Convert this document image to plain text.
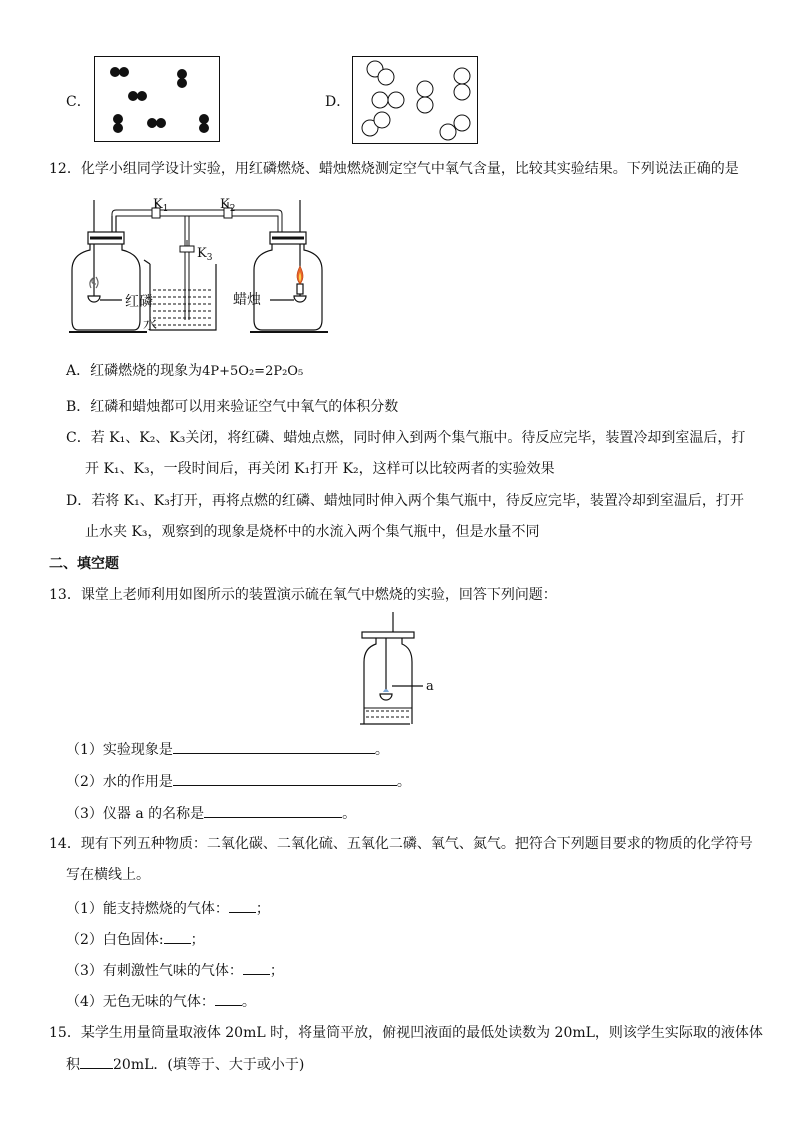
C．	D．
12．化学小组同学设计实验，用红磷燃烧、蜡烛燃烧测定空气中氧气含量，比较其实验结果。下列说法正确的是
$K_1$	$K_2$
$K_3$
红磷	蜡烛
水
A．红磷燃烧的现象为4P+5O₂=2P₂O₅
B．红磷和蜡烛都可以用来验证空气中氧气的体积分数
C．若 K₁、K₂、K₃关闭，将红磷、蜡烛点燃，同时伸入到两个集气瓶中。待反应完毕，装置冷却到室温后，打
开 K₁、K₃，一段时间后，再关闭 K₁打开 K₂，这样可以比较两者的实验效果
D．若将 K₁、K₃打开，再将点燃的红磷、蜡烛同时伸入两个集气瓶中，待反应完毕，装置冷却到室温后，打开
止水夹 K₃，观察到的现象是烧杯中的水流入两个集气瓶中，但是水量不同
二、填空题
13．课堂上老师利用如图所示的装置演示硫在氧气中燃烧的实验，回答下列问题：
a
（1）实验现象是	。
（2）水的作用是	。
（3）仪器 a 的名称是	。
14．现有下列五种物质：二氧化碳、二氧化硫、五氧化二磷、氧气、氮气。把符合下列题目要求的物质的化学符号
写在横线上。
（1）能支持燃烧的气体： ；
（2）白色固体: ；
（3）有刺激性气味的气体： ；
（4）无色无味的气体： 。
15．某学生用量筒量取液体 20mL 时，将量筒平放，俯视凹液面的最低处读数为 20mL，则该学生实际取的液体体
积 20mL．(填等于、大于或小于)
